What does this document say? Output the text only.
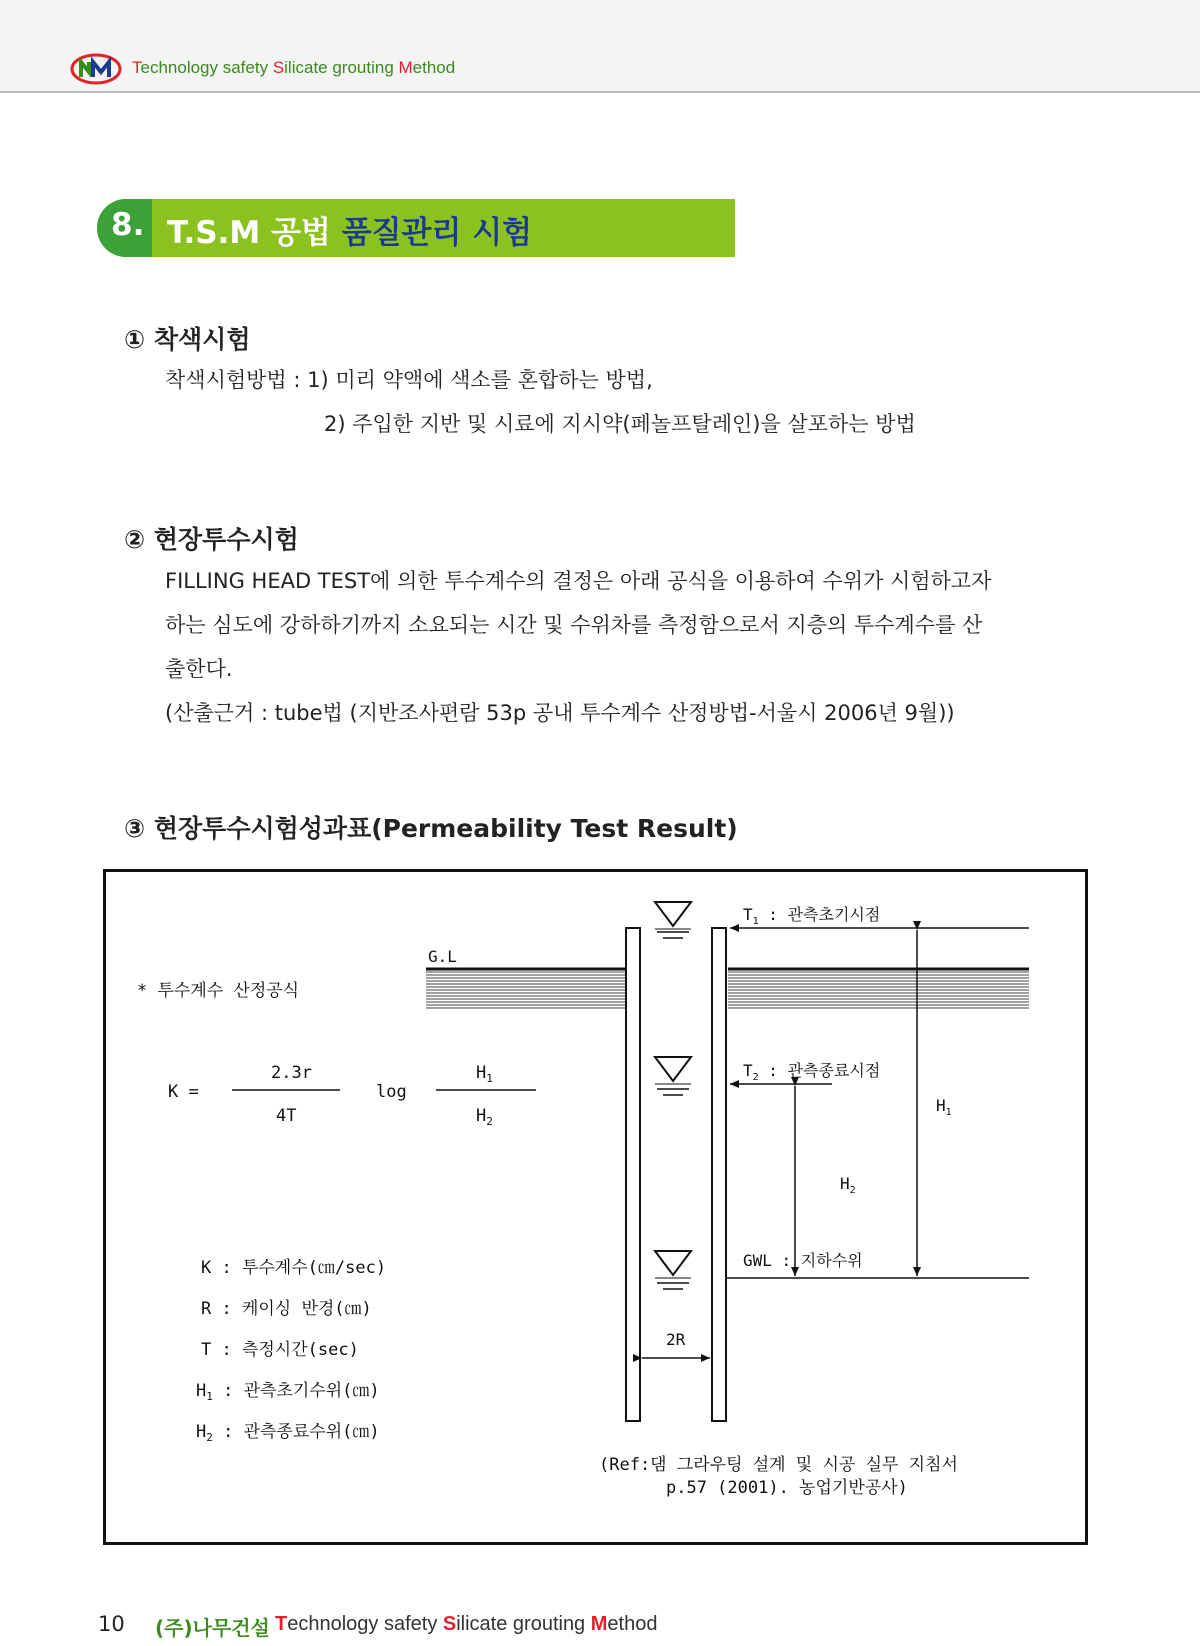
Technology safety Silicate grouting Method
8. T.S.M 공법 품질관리 시험
① 착색시험
착색시험방법 : 1) 미리 약액에 색소를 혼합하는 방법,
2) 주입한 지반 및 시료에 지시약(페놀프탈레인)을 살포하는 방법
② 현장투수시험
FILLING HEAD TEST에 의한 투수계수의 결정은 아래 공식을 이용하여 수위가 시험하고자
하는 심도에 강하하기까지 소요되는 시간 및 수위차를 측정함으로서 지층의 투수계수를 산
출한다.
(산출근거 : tube법 (지반조사편람 53p 공내 투수계수 산정방법-서울시 2006년 9월))
③ 현장투수시험성과표(Permeability Test Result)
* 투수계수 산정공식
K =
2.3r
4T
log
$H_1$
$H_2$
K : 투수계수(㎝/sec)
R : 케이싱 반경(㎝)
T : 측정시간(sec)
$H_1$ : 관측초기수위(㎝)
$H_2$ : 관측종료수위(㎝)
G.L
$T_1$ : 관측초기시점
$T_2$ : 관측종료시점
GWL : 지하수위
$H_1$
$H_2$
2R
(Ref:댐 그라우팅 설계 및 시공 실무 지침서
p.57 (2001). 농업기반공사)
10 (주)나무건설 Technology safety Silicate grouting Method
